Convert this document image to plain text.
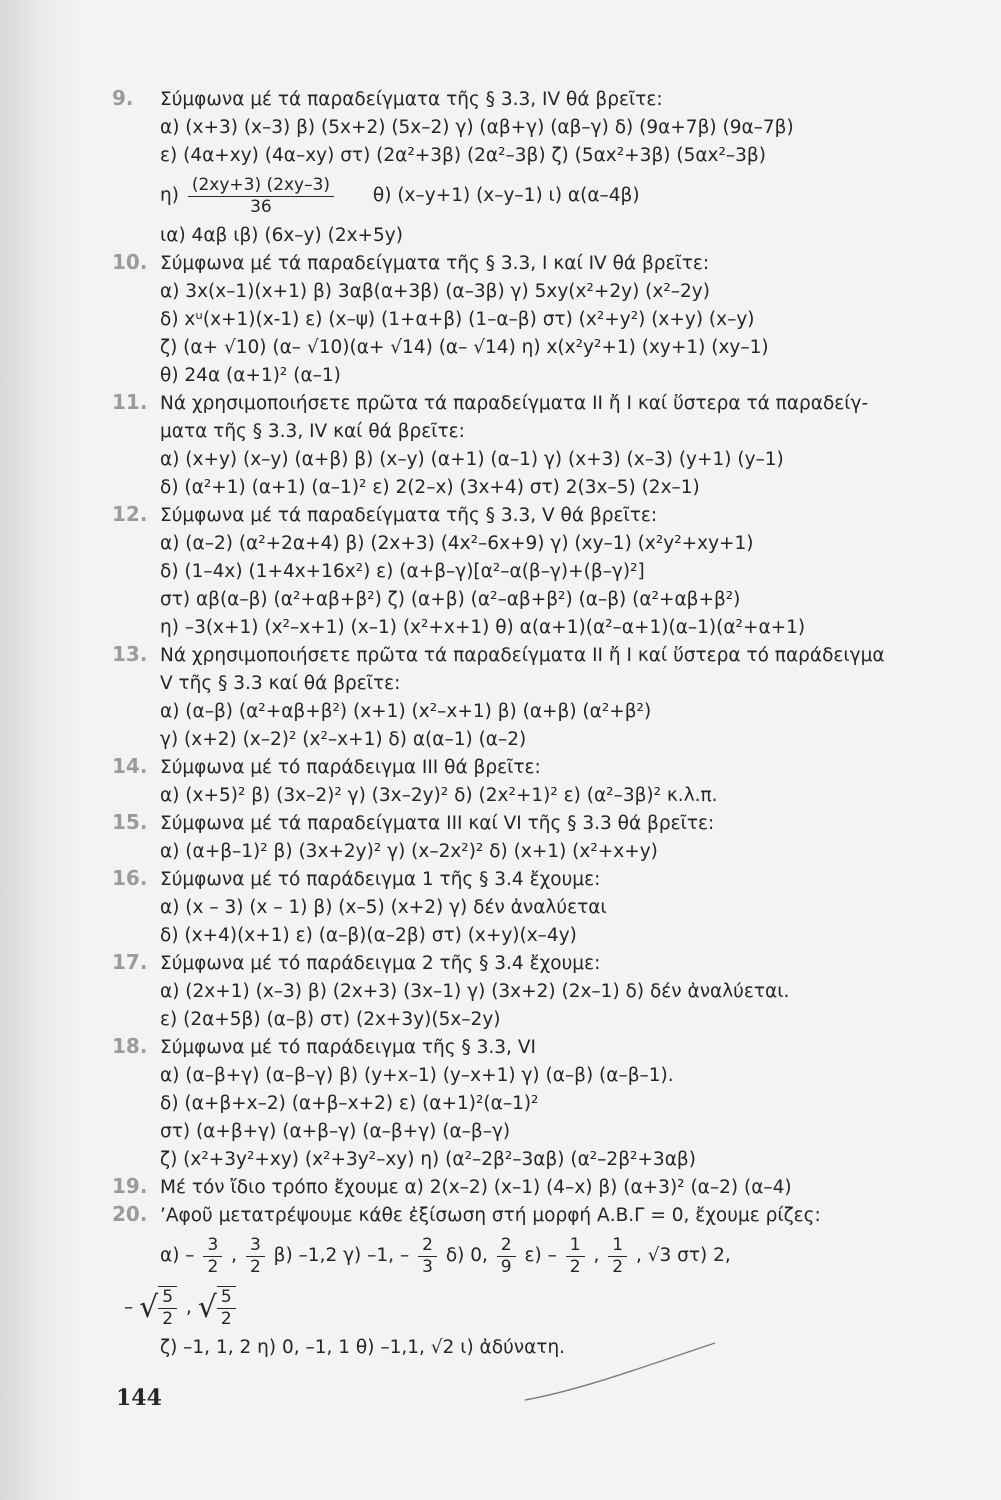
9.	Σύμφωνα μέ τά παραδείγματα τῆς § 3.3, IV θά βρεῖτε:
α) (x+3) (x–3) β) (5x+2) (5x–2) γ) (αβ+γ) (αβ–γ) δ) (9α+7β) (9α–7β)
ε) (4α+xy) (4α–xy) στ) (2α²+3β) (2α²–3β) ζ) (5αx²+3β) (5αx²–3β)
$\eta) \frac{(2xy+3) (2xy-3)}{36} \theta$) (x–y+1) (x–y–1) ι) α(α–4β)
ια) 4αβ ιβ) (6x–y) (2x+5y)
10. Σύμφωνα μέ τά παραδείγματα τῆς § 3.3, I καί IV θά βρεῖτε:
α) 3x(x–1)(x+1) β) 3αβ(α+3β) (α–3β) γ) 5xy(x²+2y) (x²–2y)
δ) xᵘ(x+1)(x-1) ε) (x–ψ) (1+α+β) (1–α–β) στ) (x²+y²) (x+y) (x–y)
ζ) (α+ √10) (α– √10)(α+ √14) (α– √14) η) x(x²y²+1) (xy+1) (xy–1)
θ) 24α (α+1)² (α–1)
11. Νά χρησιμοποιήσετε πρῶτα τά παραδείγματα II ἤ I καί ὕστερα τά παραδείγ-
ματα τῆς § 3.3, IV καί θά βρεῖτε:
α) (x+y) (x–y) (α+β) β) (x–y) (α+1) (α–1) γ) (x+3) (x–3) (y+1) (y–1)
δ) (α²+1) (α+1) (α–1)² ε) 2(2–x) (3x+4) στ) 2(3x–5) (2x–1)
12. Σύμφωνα μέ τά παραδείγματα τῆς § 3.3, V θά βρεῖτε:
α) (α–2) (α²+2α+4) β) (2x+3) (4x²–6x+9) γ) (xy–1) (x²y²+xy+1)
δ) (1–4x) (1+4x+16x²) ε) (α+β–γ)[α²–α(β–γ)+(β–γ)²]
στ) αβ(α–β) (α²+αβ+β²) ζ) (α+β) (α²–αβ+β²) (α–β) (α²+αβ+β²)
η) –3(x+1) (x²–x+1) (x–1) (x²+x+1) θ) α(α+1)(α²–α+1)(α–1)(α²+α+1)
13. Νά χρησιμοποιήσετε πρῶτα τά παραδείγματα II ἤ I καί ὕστερα τό παράδειγμα
V τῆς § 3.3 καί θά βρεῖτε:
α) (α–β) (α²+αβ+β²) (x+1) (x²–x+1) β) (α+β) (α²+β²)
γ) (x+2) (x–2)² (x²–x+1) δ) α(α–1) (α–2)
14. Σύμφωνα μέ τό παράδειγμα III θά βρεῖτε:
α) (x+5)² β) (3x–2)² γ) (3x–2y)² δ) (2x²+1)² ε) (α²–3β)² κ.λ.π.
15. Σύμφωνα μέ τά παραδείγματα III καί VI τῆς § 3.3 θά βρεῖτε:
α) (α+β–1)² β) (3x+2y)² γ) (x–2x²)² δ) (x+1) (x²+x+y)
16. Σύμφωνα μέ τό παράδειγμα 1 τῆς § 3.4 ἔχουμε:
α) (x – 3) (x – 1) β) (x–5) (x+2) γ) δέν ἀναλύεται
δ) (x+4)(x+1) ε) (α–β)(α–2β) στ) (x+y)(x–4y)
17. Σύμφωνα μέ τό παράδειγμα 2 τῆς § 3.4 ἔχουμε:
α) (2x+1) (x–3) β) (2x+3) (3x–1) γ) (3x+2) (2x–1) δ) δέν ἀναλύεται.
ε) (2α+5β) (α–β) στ) (2x+3y)(5x–2y)
18. Σύμφωνα μέ τό παράδειγμα τῆς § 3.3, VI
α) (α–β+γ) (α–β–γ) β) (y+x–1) (y–x+1) γ) (α–β) (α–β–1).
δ) (α+β+x–2) (α+β–x+2) ε) (α+1)²(α–1)²
στ) (α+β+γ) (α+β–γ) (α–β+γ) (α–β–γ)
ζ) (x²+3y²+xy) (x²+3y²–xy) η) (α²–2β²–3αβ) (α²–2β²+3αβ)
19. Μέ τόν ἴδιο τρόπο ἔχουμε α) 2(x–2) (x–1) (4–x) β) (α+3)² (α–2) (α–4)
20. ’Αφοῦ μετατρέψουμε κάθε ἐξίσωση στή μορφή Α.Β.Γ = 0, ἔχουμε ρίζες:
$\alpha) - \frac{3}{2}$ , $\frac{3}{2} \beta$) –1,2 γ) –1, – $\frac{2}{3} \delta$) 0, $\frac{2}{9} \varepsilon) - \frac{1}{2}$ , $\frac{1}{2}$ , √3 στ) 2,
– √ $\frac{5}{2}$ , √ $\frac{5}{2}$
ζ) –1, 1, 2 η) 0, –1, 1 θ) –1,1, √2 ι) ἀδύνατη.
144
